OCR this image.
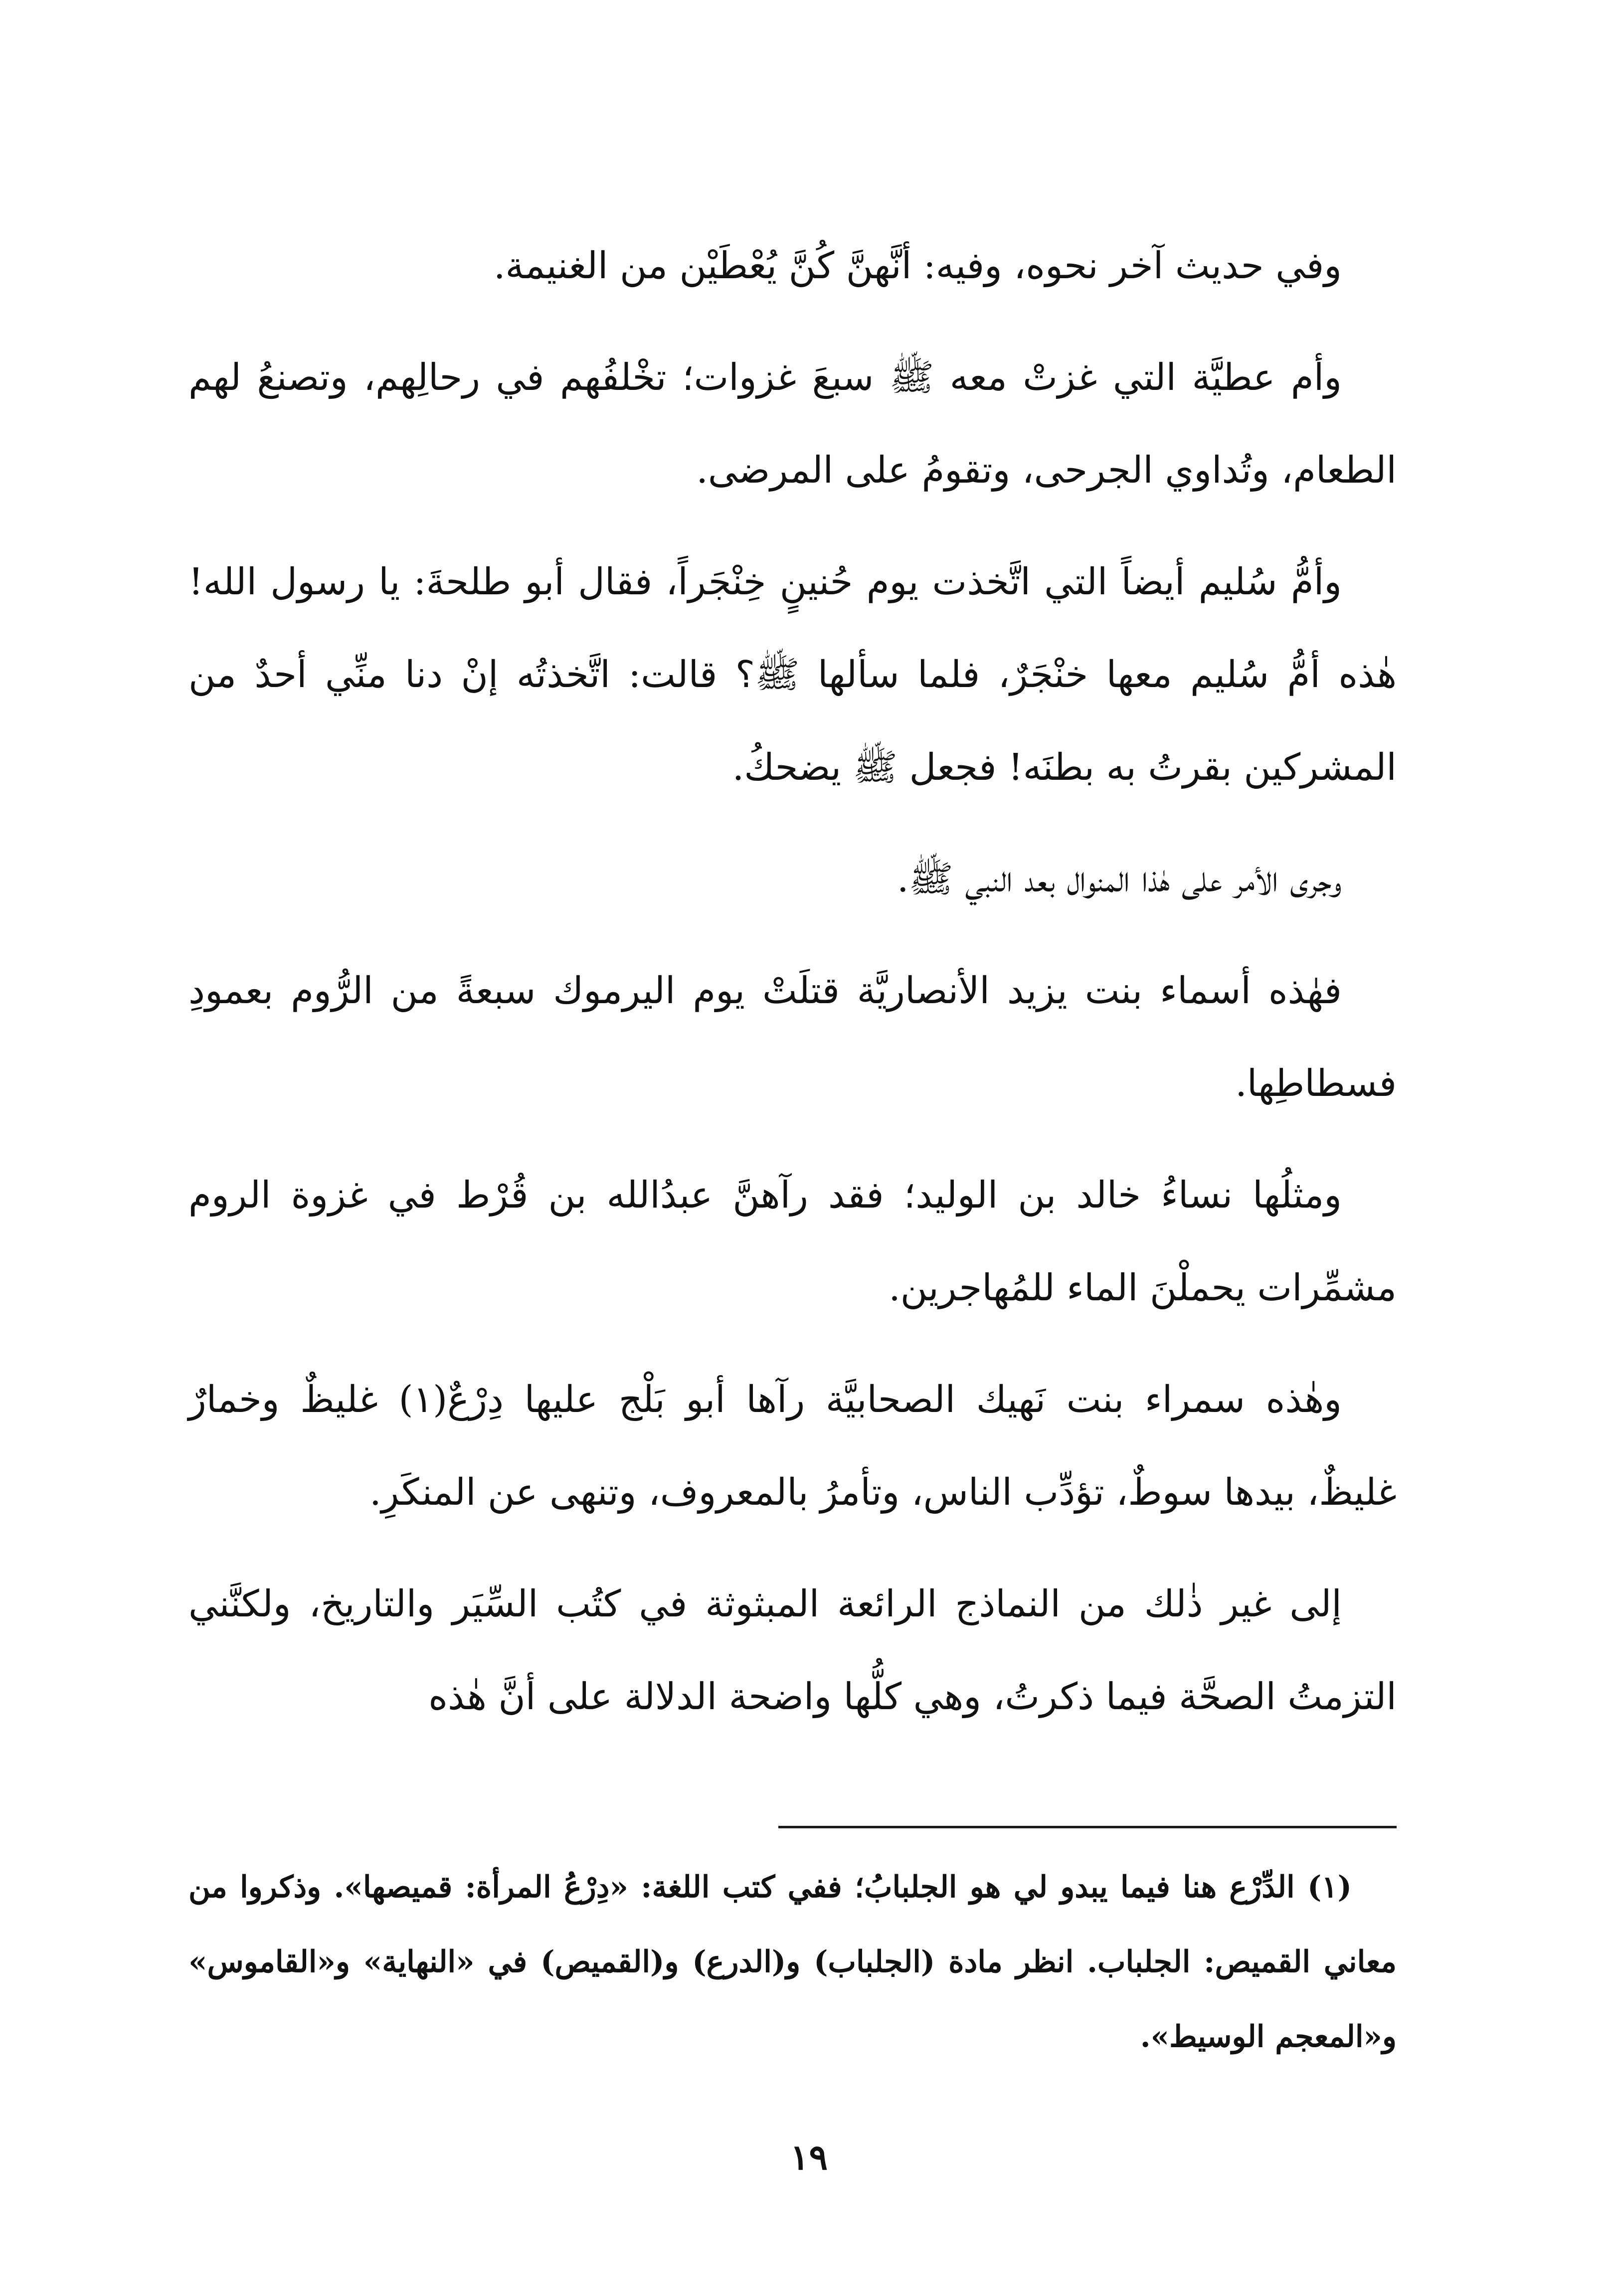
وفي حديث آخر نحوه، وفيه: أنَّهنَّ كُنَّ يُعْطَيْن من الغنيمة.

وأم عطيَّة التي غزتْ معه ﷺ سبعَ غزوات؛ تخْلفُهم في رحالِهم، وتصنعُ لهم الطعام، وتُداوي الجرحى، وتقومُ على المرضى.

وأمُّ سُليم أيضاً التي اتَّخذت يوم حُنينٍ خِنْجَراً، فقال أبو طلحةَ: يا رسول الله! هٰذه أمُّ سُليم معها خنْجَرٌ، فلما سألها ﷺ؟ قالت: اتَّخذتُه إنْ دنا منِّي أحدٌ من المشركين بقرتُ به بطنَه! فجعل ﷺ يضحكُ.

وجرى الأمر على هٰذا المنوال بعد النبي ﷺ.

فهٰذه أسماء بنت يزيد الأنصاريَّة قتلَتْ يوم اليرموك سبعةً من الرُّوم بعمودِ فسطاطِها.

ومثلُها نساءُ خالد بن الوليد؛ فقد رآهنَّ عبدُالله بن قُرْط في غزوة الروم مشمِّرات يحملْنَ الماء للمُهاجرين.

وهٰذه سمراء بنت نَهيك الصحابيَّة رآها أبو بَلْج عليها دِرْعٌ(١) غليظٌ وخمارٌ غليظٌ، بيدها سوطٌ، تؤدِّب الناس، وتأمرُ بالمعروف، وتنهى عن المنكَرِ.

إلى غير ذٰلك من النماذج الرائعة المبثوثة في كتُب السِّيَر والتاريخ، ولكنَّني التزمتُ الصحَّة فيما ذكرتُ، وهي كلُّها واضحة الدلالة على أنَّ هٰذه

(١) الدِّرْع هنا فيما يبدو لي هو الجلبابُ؛ ففي كتب اللغة: «دِرْعُ المرأة: قميصها». وذكروا من معاني القميص: الجلباب. انظر مادة (الجلباب) و(الدرع) و(القميص) في «النهاية» و«القاموس» و«المعجم الوسيط».

١٩
